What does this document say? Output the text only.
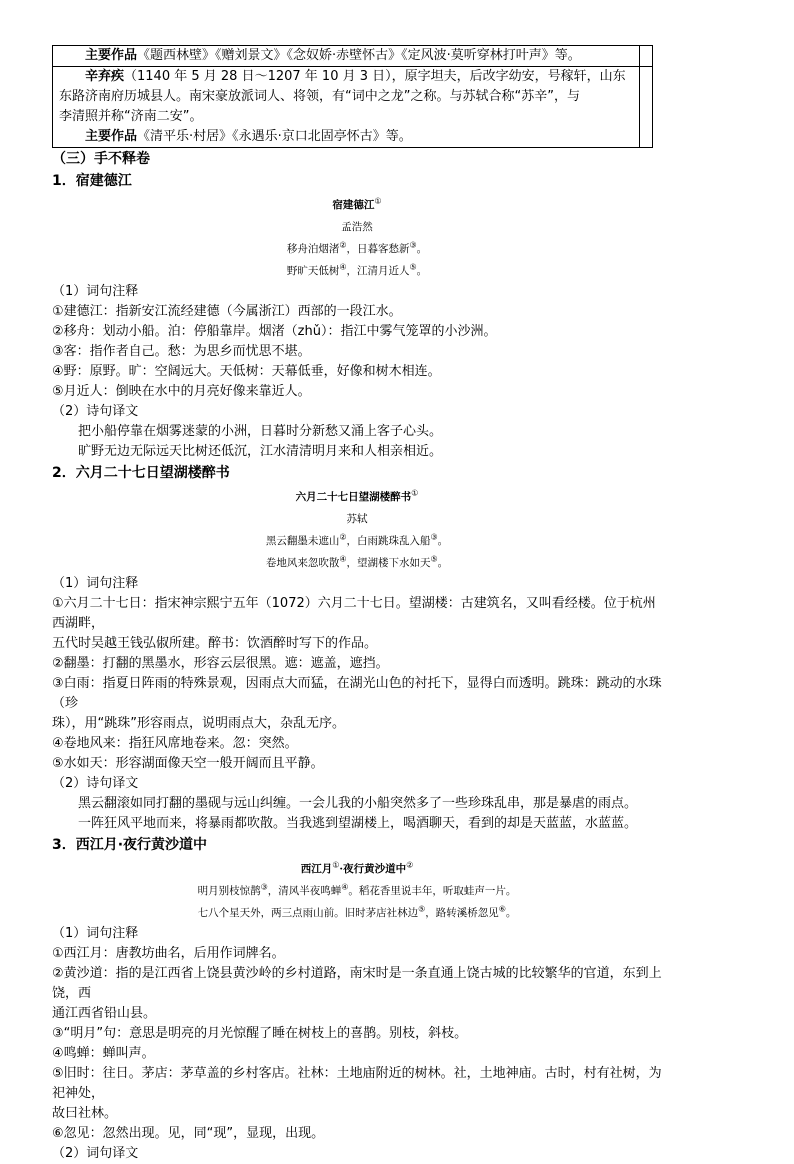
主要作品《题西林壁》《赠刘景文》《念奴娇·赤壁怀古》《定风波·莫听穿林打叶声》等。	

辛弃疾（1140 年 5 月 28 日～1207 年 10 月 3 日），原字坦夫，后改字幼安，号稼轩，山东
东路济南府历城县人。南宋豪放派词人、将领，有“词中之龙”之称。与苏轼合称“苏辛”，与
李清照并称“济南二安”。
主要作品《清平乐·村居》《永遇乐·京口北固亭怀古》等。	

（三）手不释卷
1．宿建德江
宿建德江①
孟浩然
移舟泊烟渚②，日暮客愁新③。
野旷天低树④，江清月近人⑤。
（1）词句注释
①建德江：指新安江流经建德（今属浙江）西部的一段江水。
②移舟：划动小船。泊：停船靠岸。烟渚（zhǔ）：指江中雾气笼罩的小沙洲。
③客：指作者自己。愁：为思乡而忧思不堪。
④野：原野。旷：空阔远大。天低树：天幕低垂，好像和树木相连。
⑤月近人：倒映在水中的月亮好像来靠近人。
（2）诗句译文
把小船停靠在烟雾迷蒙的小洲，日暮时分新愁又涌上客子心头。
旷野无边无际远天比树还低沉，江水清清明月来和人相亲相近。
2．六月二十七日望湖楼醉书
六月二十七日望湖楼醉书①
苏轼
黑云翻墨未遮山②，白雨跳珠乱入船③。
卷地风来忽吹散④，望湖楼下水如天⑤。
（1）词句注释
①六月二十七日：指宋神宗熙宁五年（1072）六月二十七日。望湖楼：古建筑名，又叫看经楼。位于杭州西湖畔，
五代时吴越王钱弘俶所建。醉书：饮酒醉时写下的作品。
②翻墨：打翻的黑墨水，形容云层很黑。遮：遮盖，遮挡。
③白雨：指夏日阵雨的特殊景观，因雨点大而猛，在湖光山色的衬托下，显得白而透明。跳珠：跳动的水珠（珍
珠），用“跳珠”形容雨点，说明雨点大，杂乱无序。
④卷地风来：指狂风席地卷来。忽：突然。
⑤水如天：形容湖面像天空一般开阔而且平静。
（2）诗句译文
黑云翻滚如同打翻的墨砚与远山纠缠。一会儿我的小船突然多了一些珍珠乱串，那是暴虐的雨点。
一阵狂风平地而来，将暴雨都吹散。当我逃到望湖楼上，喝酒聊天，看到的却是天蓝蓝，水蓝蓝。
3．西江月·夜行黄沙道中
西江月①·夜行黄沙道中②
明月别枝惊鹊③，清风半夜鸣蝉④。稻花香里说丰年，听取蛙声一片。
七八个星天外，两三点雨山前。旧时茅店社林边⑤，路转溪桥忽见⑥。
（1）词句注释
①西江月：唐教坊曲名，后用作词牌名。
②黄沙道：指的是江西省上饶县黄沙岭的乡村道路，南宋时是一条直通上饶古城的比较繁华的官道，东到上饶，西
通江西省铅山县。
③“明月”句：意思是明亮的月光惊醒了睡在树枝上的喜鹊。别枝，斜枝。
④鸣蝉：蝉叫声。
⑤旧时：往日。茅店：茅草盖的乡村客店。社林：土地庙附近的树林。社，土地神庙。古时，村有社树，为祀神处，
故曰社林。
⑥忽见：忽然出现。见，同“现”，显现，出现。
（2）词句译文
